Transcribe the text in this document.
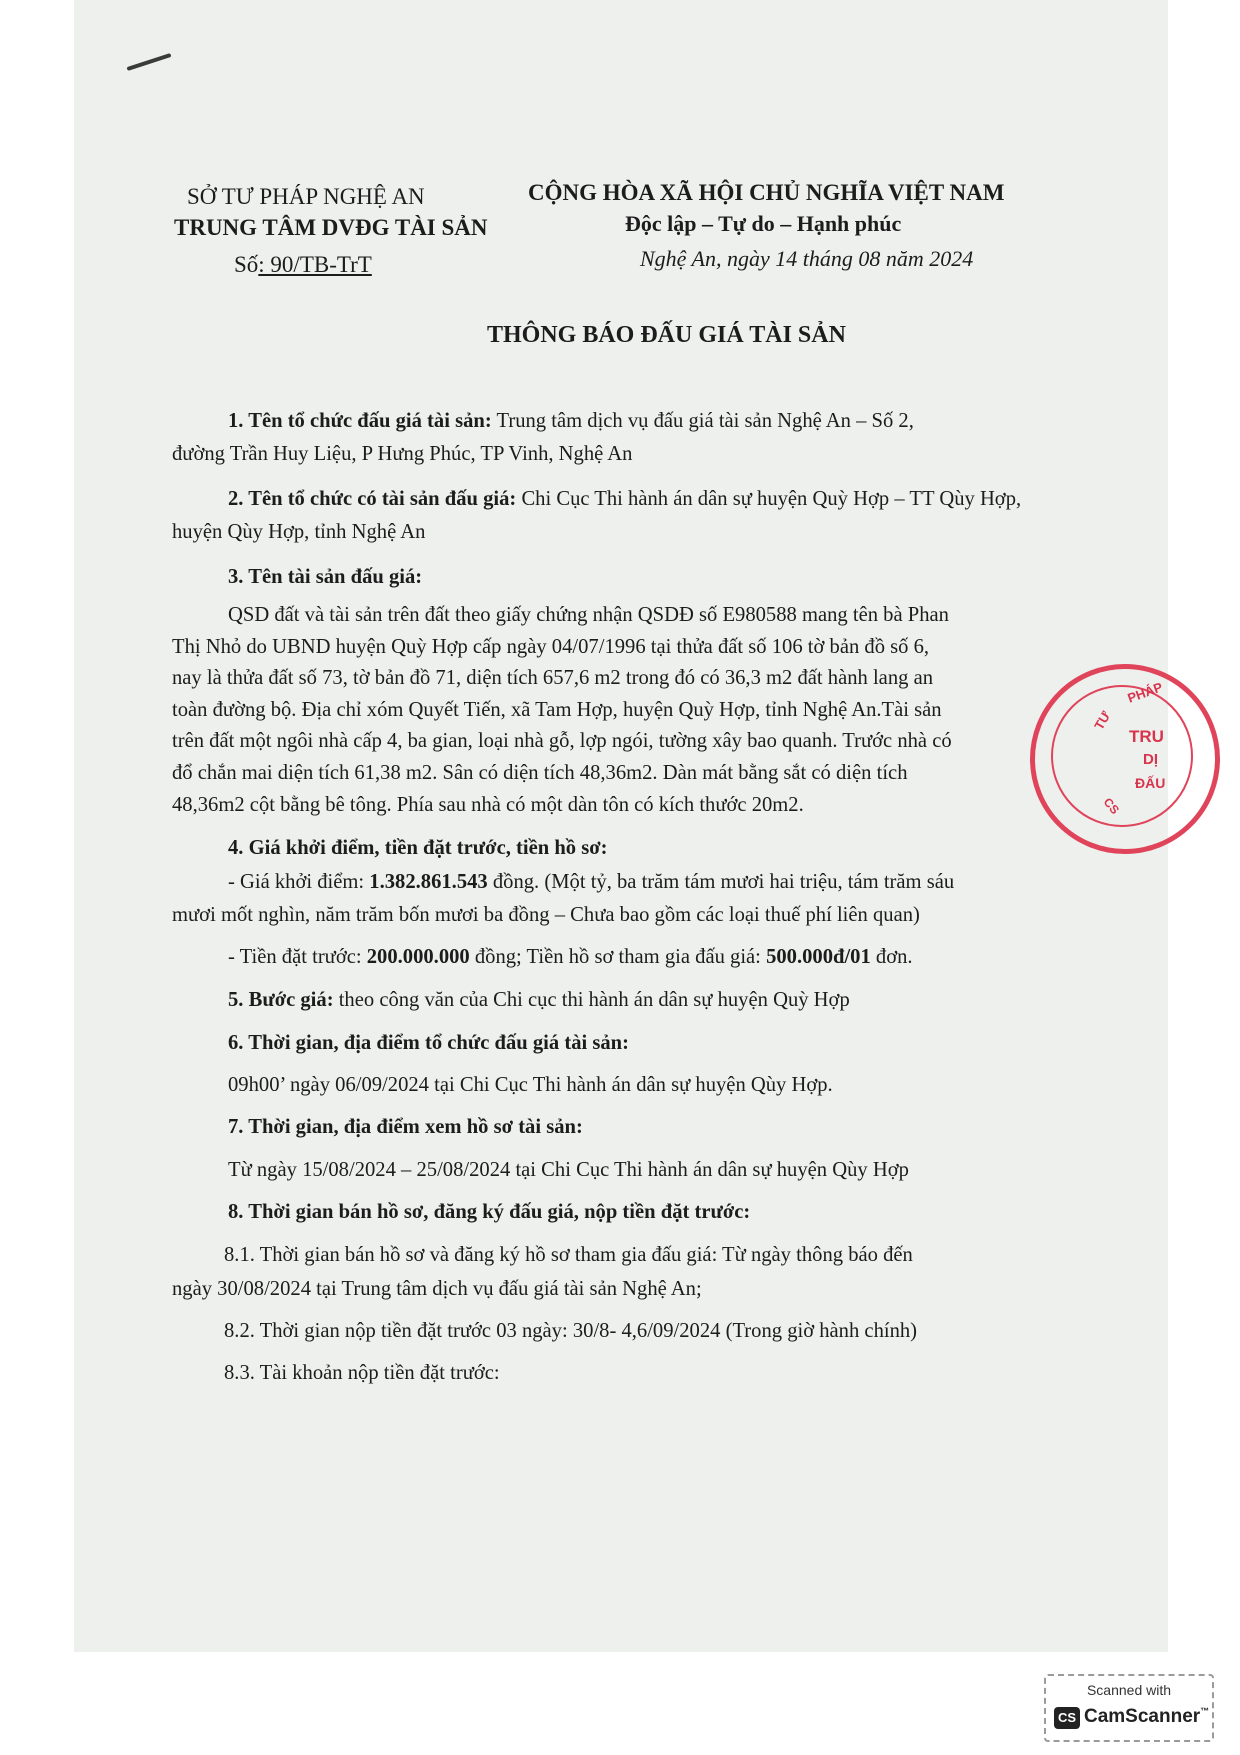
SỞ TƯ PHÁP NGHỆ AN
TRUNG TÂM DVĐG TÀI SẢN
Số: 90/TB-TrT
CỘNG HÒA XÃ HỘI CHỦ NGHĨA VIỆT NAM
Độc lập – Tự do – Hạnh phúc
Nghệ An, ngày 14 tháng 08 năm 2024
THÔNG BÁO ĐẤU GIÁ TÀI SẢN
1. Tên tổ chức đấu giá tài sản: Trung tâm dịch vụ đấu giá tài sản Nghệ An – Số 2,
đường Trần Huy Liệu, P Hưng Phúc, TP Vinh, Nghệ An
2. Tên tổ chức có tài sản đấu giá: Chi Cục Thi hành án dân sự huyện Quỳ Hợp – TT Qùy Hợp,
huyện Qùy Hợp, tỉnh Nghệ An
3. Tên tài sản đấu giá:
QSD đất và tài sản trên đất theo giấy chứng nhận QSDĐ số E980588 mang tên bà Phan
Thị Nhỏ do UBND huyện Quỳ Hợp cấp ngày 04/07/1996 tại thửa đất số 106 tờ bản đồ số 6,
nay là thửa đất số 73, tờ bản đồ 71, diện tích 657,6 m2 trong đó có 36,3 m2 đất hành lang an
toàn đường bộ. Địa chỉ xóm Quyết Tiến, xã Tam Hợp, huyện Quỳ Hợp, tỉnh Nghệ An.Tài sản
trên đất một ngôi nhà cấp 4, ba gian, loại nhà gỗ, lợp ngói, tường xây bao quanh. Trước nhà có
đổ chắn mai diện tích 61,38 m2. Sân có diện tích 48,36m2. Dàn mát bằng sắt có diện tích
48,36m2 cột bằng bê tông. Phía sau nhà có một dàn tôn có kích thước 20m2.
4. Giá khởi điểm, tiền đặt trước, tiền hồ sơ:
- Giá khởi điểm: 1.382.861.543 đồng. (Một tỷ, ba trăm tám mươi hai triệu, tám trăm sáu
mươi mốt nghìn, năm trăm bốn mươi ba đồng – Chưa bao gồm các loại thuế phí liên quan)
- Tiền đặt trước: 200.000.000 đồng; Tiền hồ sơ tham gia đấu giá: 500.000đ/01 đơn.
5. Bước giá: theo công văn của Chi cục thi hành án dân sự huyện Quỳ Hợp
6. Thời gian, địa điểm tổ chức đấu giá tài sản:
09h00’ ngày 06/09/2024 tại Chi Cục Thi hành án dân sự huyện Qùy Hợp.
7. Thời gian, địa điểm xem hồ sơ tài sản:
Từ ngày 15/08/2024 – 25/08/2024 tại Chi Cục Thi hành án dân sự huyện Qùy Hợp
8. Thời gian bán hồ sơ, đăng ký đấu giá, nộp tiền đặt trước:
8.1. Thời gian bán hồ sơ và đăng ký hồ sơ tham gia đấu giá: Từ ngày thông báo đến
ngày 30/08/2024 tại Trung tâm dịch vụ đấu giá tài sản Nghệ An;
8.2. Thời gian nộp tiền đặt trước 03 ngày: 30/8- 4,6/09/2024 (Trong giờ hành chính)
8.3. Tài khoản nộp tiền đặt trước:
PHÁP
TƯ
TRU
DỊ
ĐẤU
CS
Scanned with
CS CamScanner™
